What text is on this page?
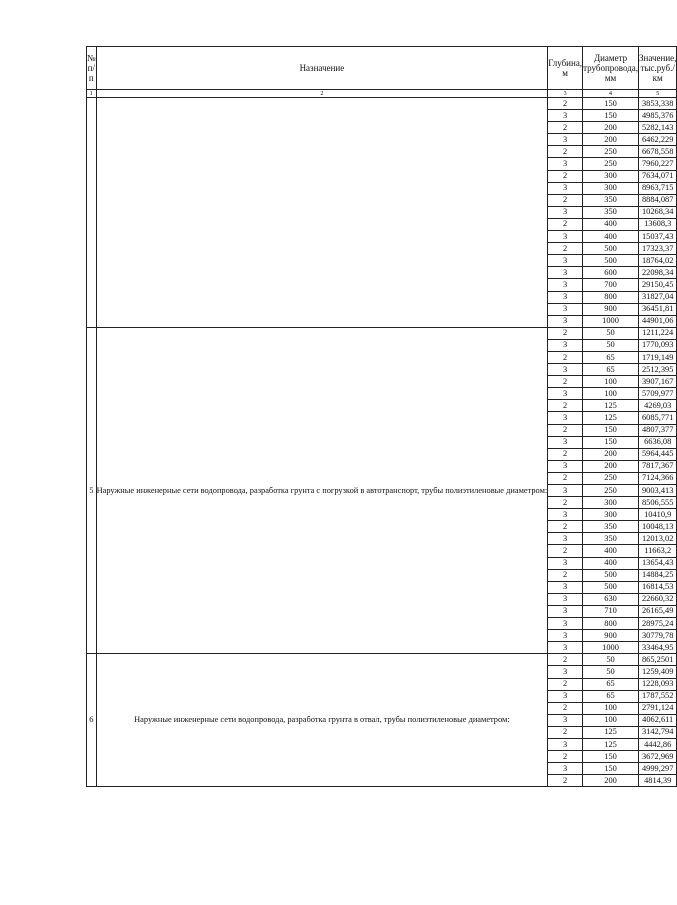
№ п/п	Назначение	Глубина, м	Диаметр трубопровода, мм	Значение, тыс.руб./км
1	2	3	4	5
		2	150	3853,338
		3	150	4985,376
		2	200	5282,143
		3	200	6462,229
		2	250	6678,558
		3	250	7960,227
		2	300	7634,071
		3	300	8963,715
		2	350	8884,087
		3	350	10268,34
		2	400	13608,3
		3	400	15037,43
		2	500	17323,37
		3	500	18764,02
		3	600	22098,34
		3	700	29150,45
		3	800	31827,04
		3	900	36451,81
		3	1000	44901,06
5	Наружные инженерные сети водопровода, разработка грунта с погрузкой в автотранспорт, трубы полиэтиленовые диаметром:	2	50	1211,224
		3	50	1770,093
		2	65	1719,149
		3	65	2512,395
		2	100	3907,167
		3	100	5709,977
		2	125	4269,03
		3	125	6085,771
		2	150	4807,377
		3	150	6636,08
		2	200	5964,445
		3	200	7817,367
		2	250	7124,366
		3	250	9003,413
		2	300	8506,555
		3	300	10410,9
		2	350	10048,13
		3	350	12013,02
		2	400	11663,2
		3	400	13654,43
		2	500	14884,25
		3	500	16814,53
		3	630	22660,32
		3	710	26165,49
		3	800	28975,24
		3	900	30779,78
		3	1000	33464,95
6	Наружные инженерные сети водопровода, разработка грунта в отвал, трубы полиэтиленовые диаметром:	2	50	865,2501
		3	50	1259,409
		2	65	1228,093
		3	65	1787,552
		2	100	2791,124
		3	100	4062,611
		2	125	3142,794
		3	125	4442,86
		2	150	3672,969
		3	150	4999,297
		2	200	4814,39
